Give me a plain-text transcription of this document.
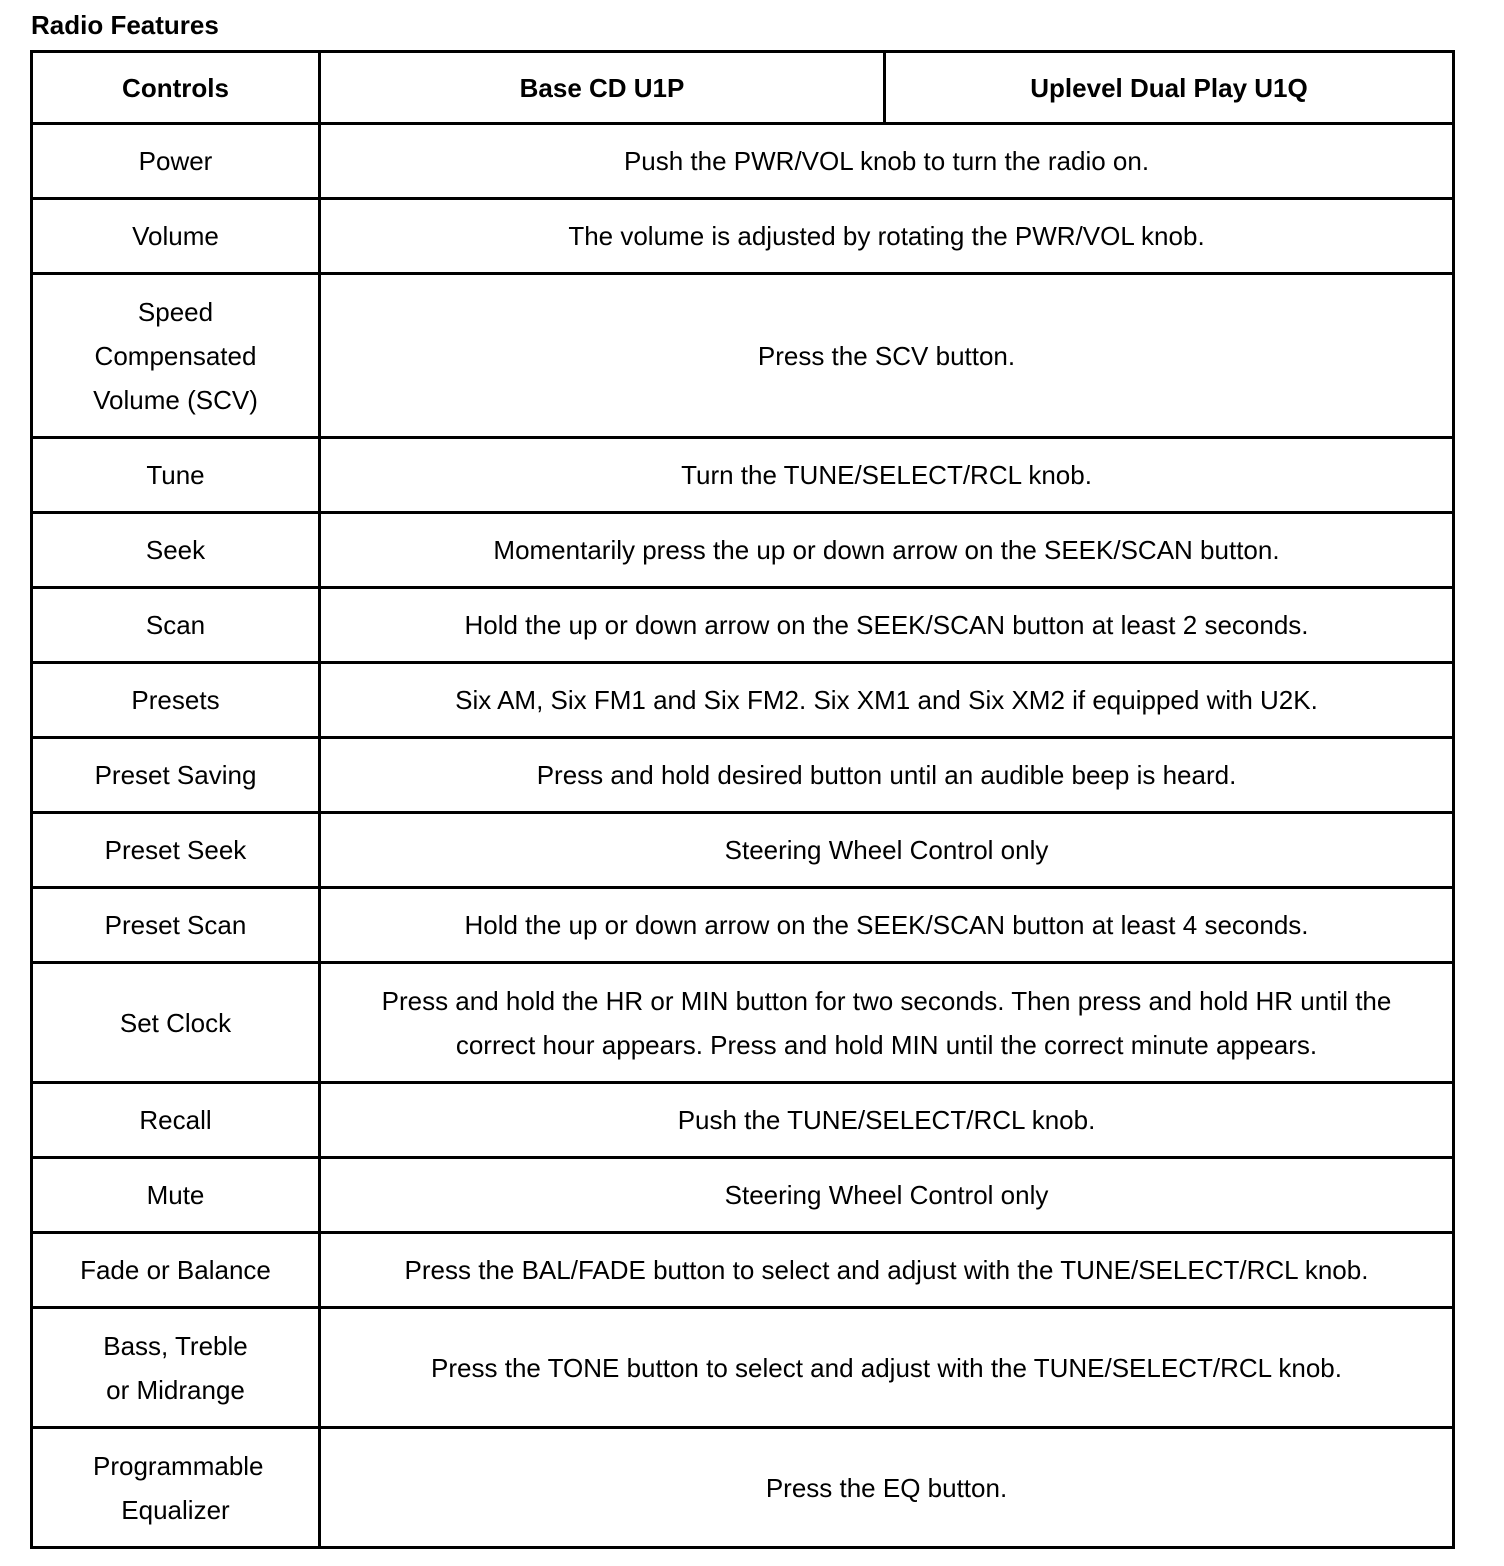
Radio Features
Controls	Base CD U1P	Uplevel Dual Play U1Q
Power	Push the PWR/VOL knob to turn the radio on.	
Volume	The volume is adjusted by rotating the PWR/VOL knob.	
Speed Compensated Volume (SCV)	Press the SCV button.	
Tune	Turn the TUNE/SELECT/RCL knob.	
Seek	Momentarily press the up or down arrow on the SEEK/SCAN button.	
Scan	Hold the up or down arrow on the SEEK/SCAN button at least 2 seconds.	
Presets	Six AM, Six FM1 and Six FM2. Six XM1 and Six XM2 if equipped with U2K.	
Preset Saving	Press and hold desired button until an audible beep is heard.	
Preset Seek	Steering Wheel Control only	
Preset Scan	Hold the up or down arrow on the SEEK/SCAN button at least 4 seconds.	
Set Clock	Press and hold the HR or MIN button for two seconds. Then press and hold HR until the correct hour appears. Press and hold MIN until the correct minute appears.	
Recall	Push the TUNE/SELECT/RCL knob.	
Mute	Steering Wheel Control only	
Fade or Balance	Press the BAL/FADE button to select and adjust with the TUNE/SELECT/RCL knob.	
Bass, Treble or Midrange	Press the TONE button to select and adjust with the TUNE/SELECT/RCL knob.	
Programmable Equalizer	Press the EQ button.	
